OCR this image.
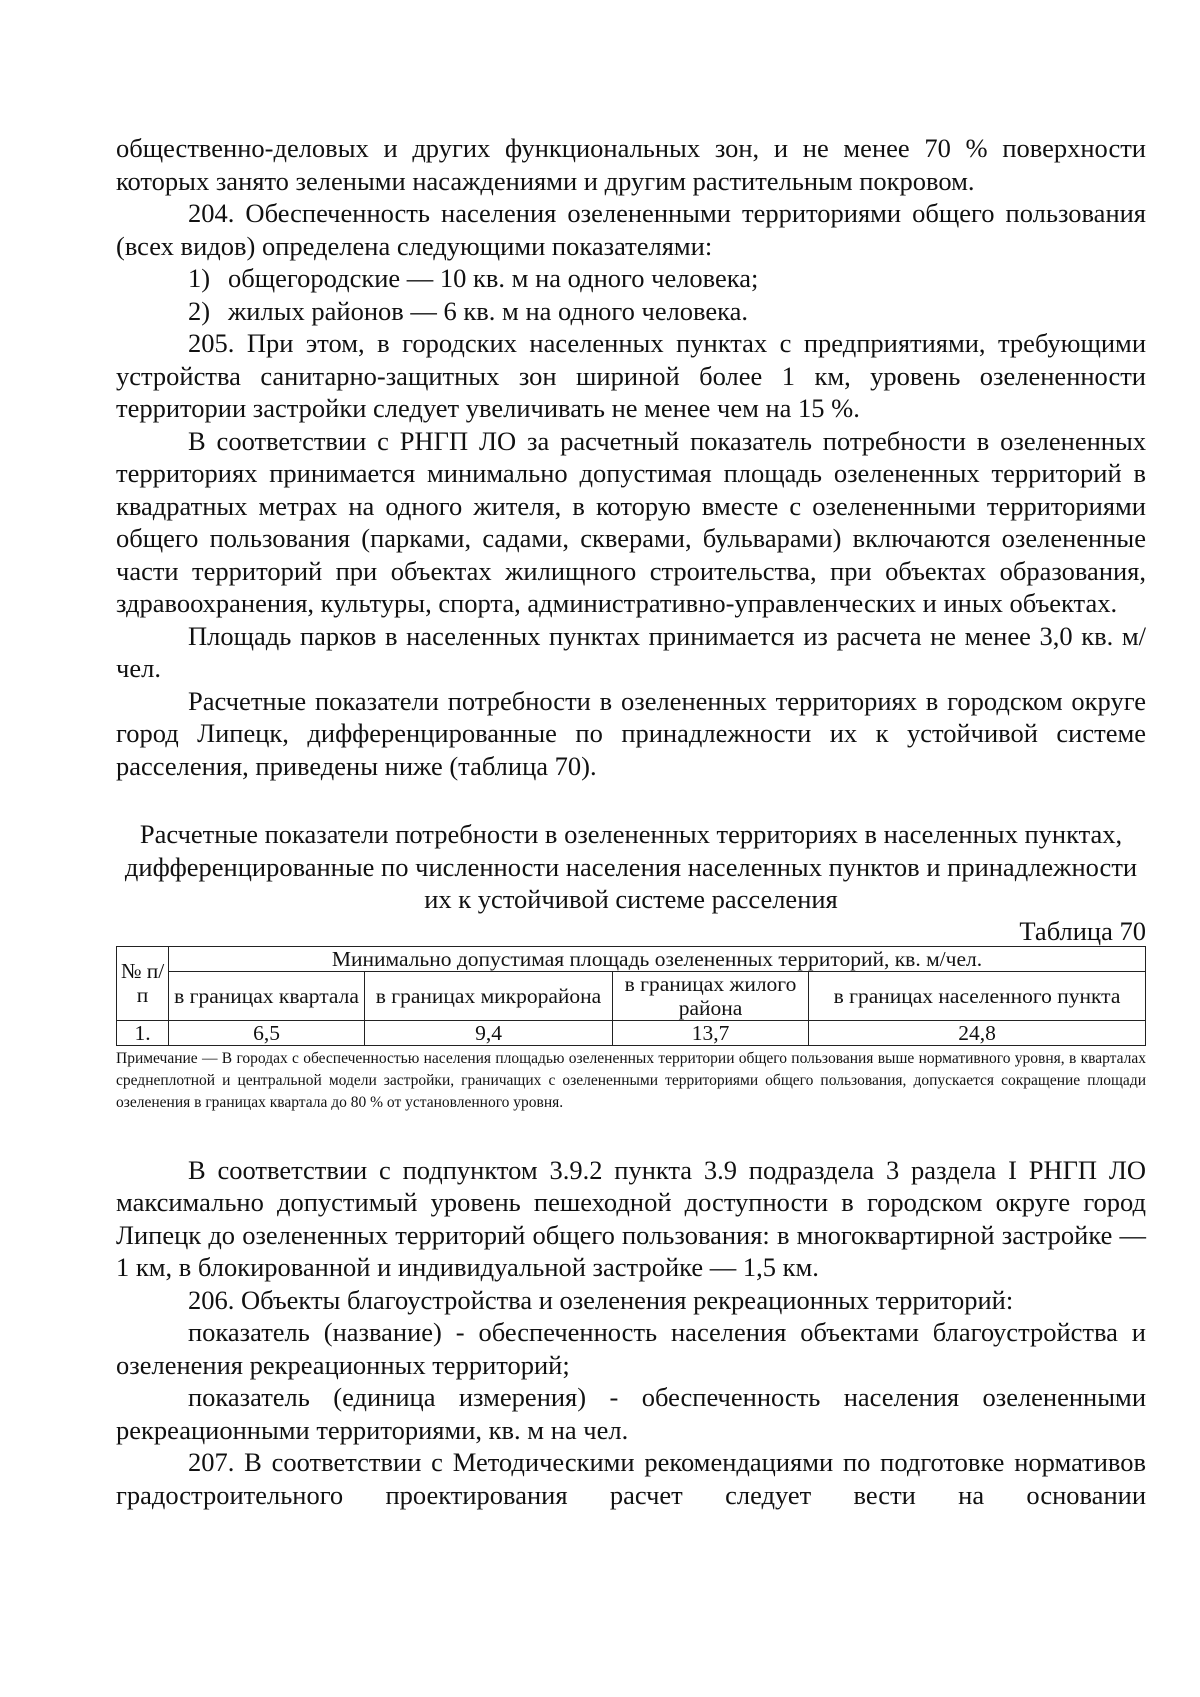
общественно-деловых и других функциональных зон, и не менее 70 % поверхности которых занято зелеными насаждениями и другим растительным покровом.

204. Обеспеченность населения озелененными территориями общего пользования (всех видов) определена следующими показателями:

1) общегородские — 10 кв. м на одного человека;

2) жилых районов — 6 кв. м на одного человека.

205. При этом, в городских населенных пунктах с предприятиями, требующими устройства санитарно-защитных зон шириной более 1 км, уровень озелененности территории застройки следует увеличивать не менее чем на 15 %.

В соответствии с РНГП ЛО за расчетный показатель потребности в озелененных территориях принимается минимально допустимая площадь озелененных территорий в квадратных метрах на одного жителя, в которую вместе с озелененными территориями общего пользования (парками, садами, скверами, бульварами) включаются озелененные части территорий при объектах жилищного строительства, при объектах образования, здравоохранения, культуры, спорта, административно-управленческих и иных объектах.

Площадь парков в населенных пунктах принимается из расчета не менее 3,0 кв. м/чел.

Расчетные показатели потребности в озелененных территориях в городском округе город Липецк, дифференцированные по принадлежности их к устойчивой системе расселения, приведены ниже (таблица 70).

Расчетные показатели потребности в озелененных территориях в населенных пунктах, дифференцированные по численности населения населенных пунктов и принадлежности их к устойчивой системе расселения

Таблица 70

№ п/п	Минимально допустимая площадь озелененных территорий, кв. м/чел.			
	в границах квартала	в границах микрорайона	в границах жилого района	в границах населенного пункта
1.	6,5	9,4	13,7	24,8

Примечание — В городах с обеспеченностью населения площадью озелененных территории общего пользования выше нормативного уровня, в кварталах среднеплотной и центральной модели застройки, граничащих с озелененными территориями общего пользования, допускается сокращение площади озеленения в границах квартала до 80 % от установленного уровня.

В соответствии с подпунктом 3.9.2 пункта 3.9 подраздела 3 раздела I РНГП ЛО максимально допустимый уровень пешеходной доступности в городском округе город Липецк до озелененных территорий общего пользования: в многоквартирной застройке — 1 км, в блокированной и индивидуальной застройке — 1,5 км.

206. Объекты благоустройства и озеленения рекреационных территорий:

показатель (название) - обеспеченность населения объектами благоустройства и озеленения рекреационных территорий;

показатель (единица измерения) - обеспеченность населения озелененными рекреационными территориями, кв. м на чел.

207. В соответствии с Методическими рекомендациями по подготовке нормативов градостроительного проектирования расчет следует вести на основании
